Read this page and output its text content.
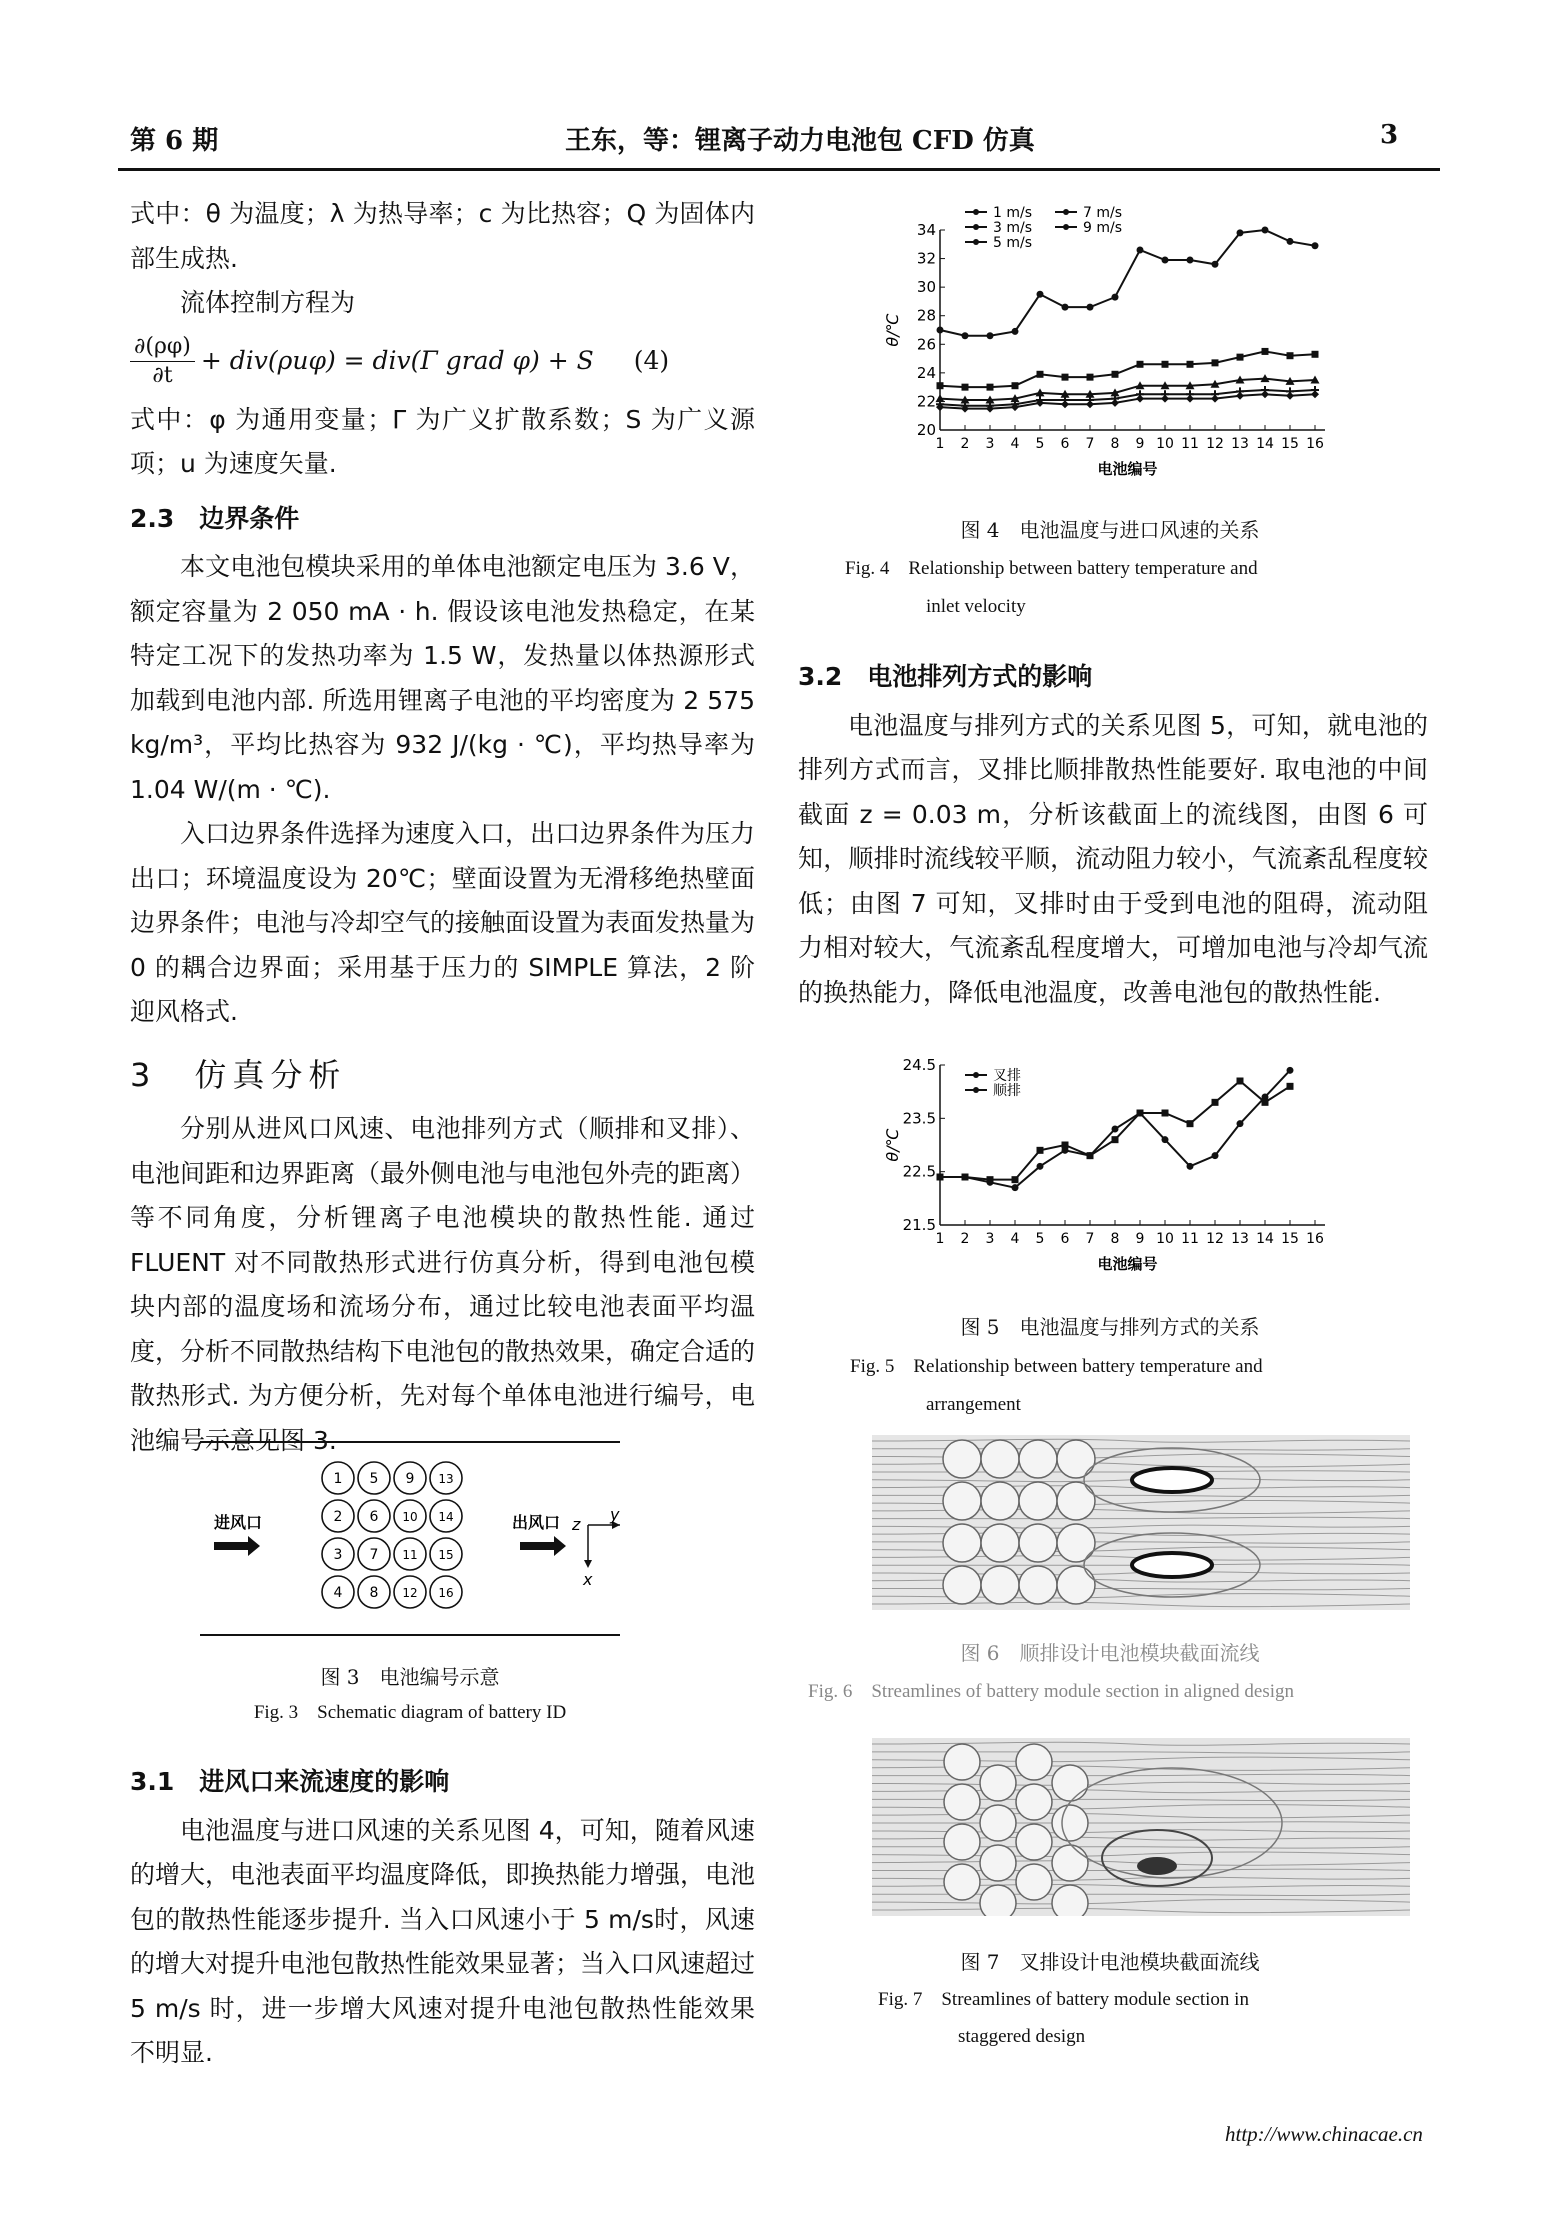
第 6 期	王东，等：锂离子动力电池包 CFD 仿真	3

式中：θ 为温度；λ 为热导率；c 为比热容；Q 为固体内部生成热.

流体控制方程为

$\frac{\partial(\rho\varphi)}{\partial t} + div(\rho u\varphi) = div(\Gamma$ grad φ) + S (4)

式中：φ 为通用变量；Γ 为广义扩散系数；S 为广义源项；u 为速度矢量.

2.3　边界条件

本文电池包模块采用的单体电池额定电压为 3.6 V，额定容量为 2 050 mA · h. 假设该电池发热稳定，在某特定工况下的发热功率为 1.5 W，发热量以体热源形式加载到电池内部. 所选用锂离子电池的平均密度为 2 575 kg/m³，平均比热容为 932 J/(kg · ℃)，平均热导率为 1.04 W/(m · ℃).

入口边界条件选择为速度入口，出口边界条件为压力出口；环境温度设为 20℃；壁面设置为无滑移绝热壁面边界条件；电池与冷却空气的接触面设置为表面发热量为 0 的耦合边界面；采用基于压力的 SIMPLE 算法，2 阶迎风格式.

3　仿真分析

分别从进风口风速、电池排列方式（顺排和叉排）、电池间距和边界距离（最外侧电池与电池包外壳的距离）等不同角度，分析锂离子电池模块的散热性能. 通过 FLUENT 对不同散热形式进行仿真分析，得到电池包模块内部的温度场和流场分布，通过比较电池表面平均温度，分析不同散热结构下电池包的散热效果，确定合适的散热形式. 为方便分析，先对每个单体电池进行编号，电池编号示意见图 3.

进风口	出风口
1
2
3
4
5
6
7
8
9
10
11
12
13
14
15
16
z
y
x
图 3　电池编号示意
Fig. 3　Schematic diagram of battery ID
3.1　进风口来流速度的影响

电池温度与进口风速的关系见图 4，可知，随着风速的增大，电池表面平均温度降低，即换热能力增强，电池包的散热性能逐步提升. 当入口风速小于 5 m/s时，风速的增大对提升电池包散热性能效果显著；当入口风速超过 5 m/s 时，进一步增大风速对提升电池包散热性能效果不明显.

20
22
24
26
28
30
32
34
1 2 3 4 5 6 7 8 9 10 11 12 13 14 15 16
电池编号
θ/℃
1 m/s
3 m/s
5 m/s
7 m/s
9 m/s
图 4　电池温度与进口风速的关系
Fig. 4　Relationship between battery temperature and
inlet velocity
3.2　电池排列方式的影响

电池温度与排列方式的关系见图 5，可知，就电池的排列方式而言，叉排比顺排散热性能要好. 取电池的中间截面 z = 0.03 m，分析该截面上的流线图，由图 6 可知，顺排时流线较平顺，流动阻力较小，气流紊乱程度较低；由图 7 可知，叉排时由于受到电池的阻碍，流动阻力相对较大，气流紊乱程度增大，可增加电池与冷却气流的换热能力，降低电池温度，改善电池包的散热性能.

21.5
22.5
23.5
24.5
1 2 3 4 5 6 7 8 9 10 11 12 13 14 15 16
电池编号
θ/℃
叉排
顺排
图 5　电池温度与排列方式的关系
Fig. 5　Relationship between battery temperature and
arrangement
图 6　顺排设计电池模块截面流线
Fig. 6　Streamlines of battery module section in aligned design
图 7　叉排设计电池模块截面流线
Fig. 7　Streamlines of battery module section in
staggered design
http://www.chinacae.cn
